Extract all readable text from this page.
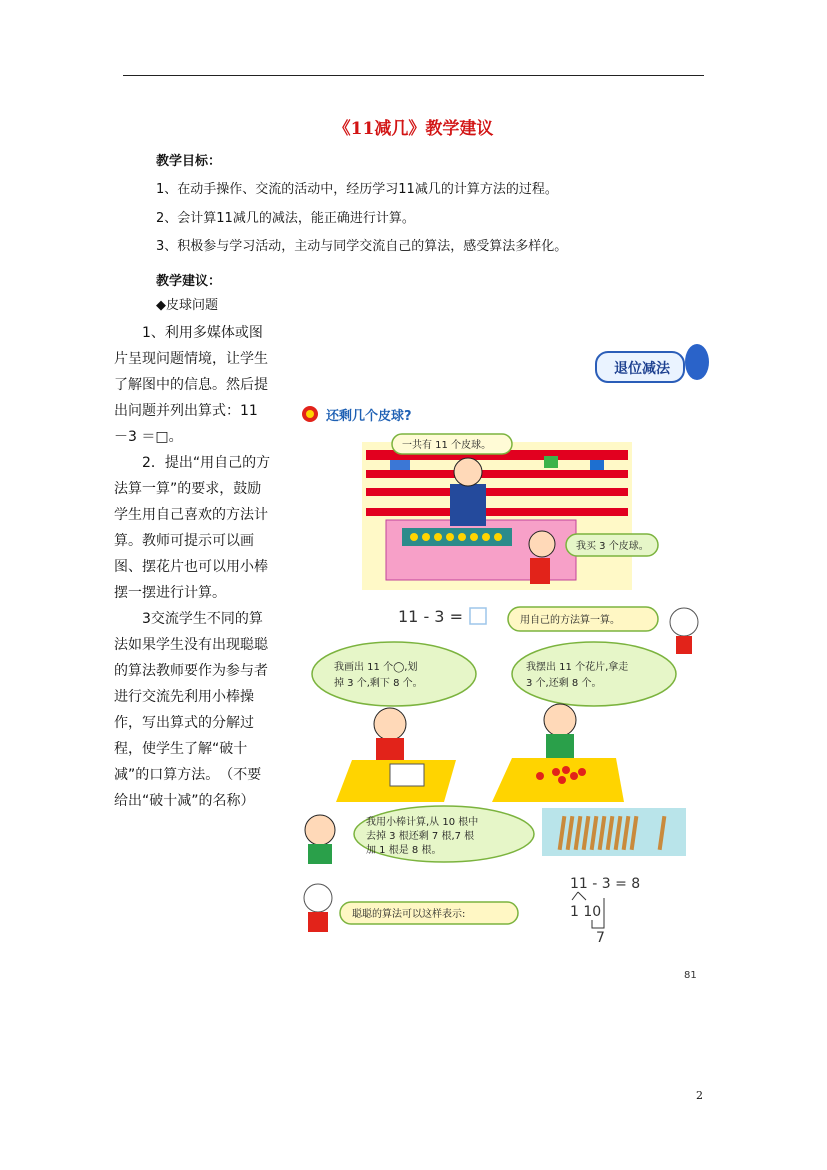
《11减几》教学建议
教学目标：
1、在动手操作、交流的活动中，经历学习11减几的计算方法的过程。
2、会计算11减几的减法，能正确进行计算。
3、积极参与学习活动，主动与同学交流自己的算法，感受算法多样化。
教学建议：
◆皮球问题

1、利用多媒体或图片呈现问题情境，让学生了解图中的信息。然后提出问题并列出算式：11 －3 ＝□。

2．提出“用自己的方法算一算”的要求，鼓励学生用自己喜欢的方法计算。教师可提示可以画图、摆花片也可以用小棒摆一摆进行计算。

3交流学生不同的算法如果学生没有出现聪聪的算法教师要作为参与者进行交流先利用小棒操作，写出算式的分解过程，使学生了解“破十减”的口算方法。　（不要给出“破十减”的名称）

退位减法
还剩几个皮球?
一共有 11 个皮球。
我买 3 个皮球。
11 - 3 =	用自己的方法算一算。
我画出 11 个◯,划
掉 3 个,剩下 8 个。
我摆出 11 个花片,拿走
3 个,还剩 8 个。
我用小棒计算,从 10 根中
去掉 3 根还剩 7 根,7 根
加 1 根是 8 根。
11 - 3 = 8
1 10
7
聪聪的算法可以这样表示:
81
2
